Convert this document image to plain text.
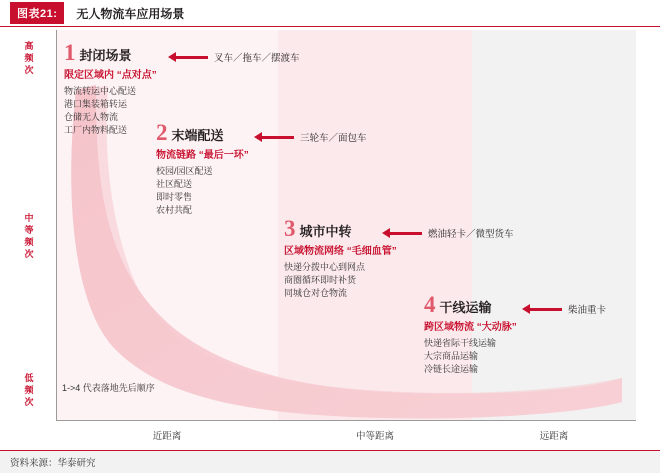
图表21:	无人物流车应用场景
1 封闭场景
限定区域内 “点对点”
物流转运中心配送
港口集装箱转运
仓储无人物流
工厂内物料配送
叉车／拖车／摆渡车
2 末端配送
物流链路 “最后一环”
校园/园区配送
社区配送
即时零售
农村共配
三轮车／面包车
3 城市中转
区域物流网络 “毛细血管”
快递分拨中心到网点
商圈循环即时补货
同城仓对仓物流
燃油轻卡／微型货车
4 干线运输
跨区域物流 “大动脉”
快递省际干线运输
大宗商品运输
冷链长途运输
柴油重卡
高
频
次
中
等
频
次
低
频
次
近距离	中等距离	远距离
1->4 代表落地先后顺序
资料来源：华泰研究
